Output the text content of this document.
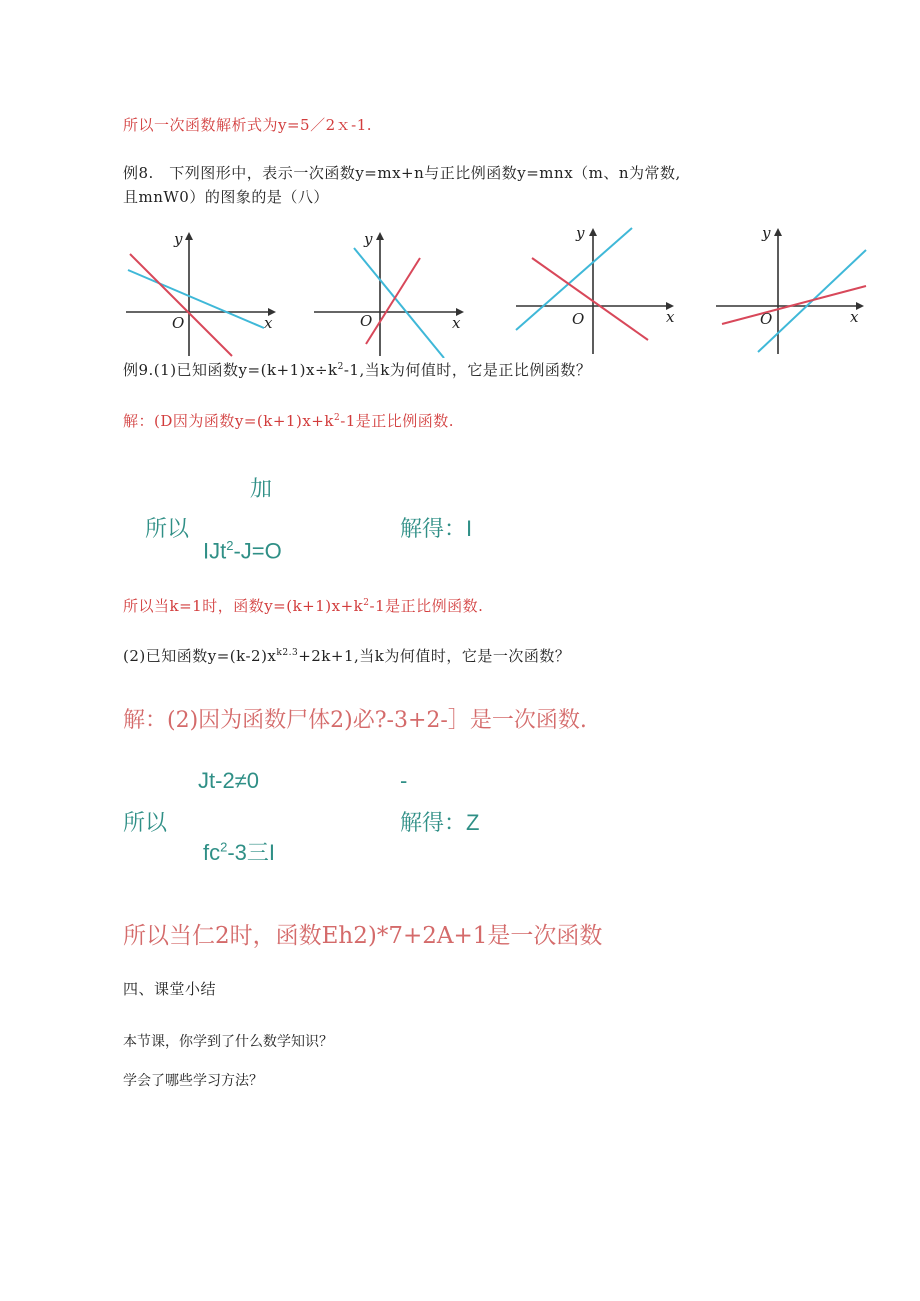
所以一次函数解析式为y=5／2ｘ-1.
例8.　下列图形中，表示一次函数y=mx+n与正比例函数y=mnx（m、n为常数,
且mnW0）的图象的是（八）
y
x
O
y
x
O
y
x
O
y
x
O
例9.(1)已知函数$y=(k+1)x\div k^2-1$,当k为何值时，它是正比例函数？
解：(D因为函数$y=(k+1)x+k^2-1$是正比例函数.
加
所以	解得：I
IJt$^2$-J=O
所以当k=1时，函数$y=(k+1)x+k^2-1$是正比例函数.
(2)已知函数$y=(k-2)x^{k2.3}+2k+1$,当k为何值时，它是一次函数？
解：(2)因为函数尸体2)必?-3+2-］是一次函数.
Jt-2≠0	-
所以	解得：Z
$fc^2-3$三I
所以当仁2时，函数Eh2)*7+2A+1是一次函数
四、课堂小结
本节课，你学到了什么数学知识？
学会了哪些学习方法？
